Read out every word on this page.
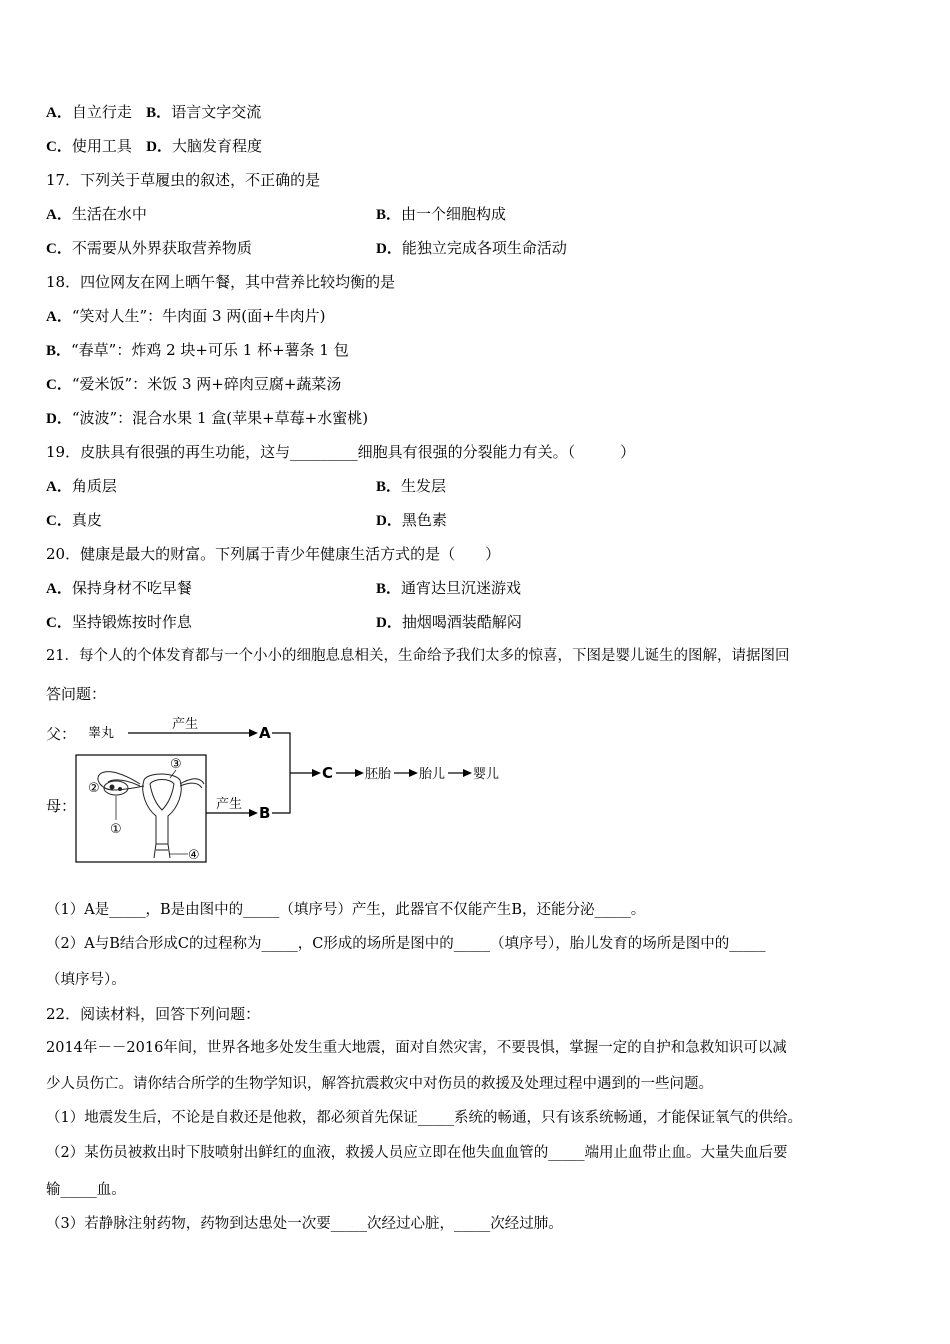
A．自立行走 B．语言文字交流
C．使用工具 D．大脑发育程度
17．下列关于草履虫的叙述，不正确的是
A．生活在水中	B．由一个细胞构成
C．不需要从外界获取营养物质	D．能独立完成各项生命活动
18．四位网友在网上晒午餐，其中营养比较均衡的是
A．“笑对人生”：牛肉面 3 两(面+牛肉片)
B．“春草”：炸鸡 2 块+可乐 1 杯+薯条 1 包
C．“爱米饭”：米饭 3 两+碎肉豆腐+蔬菜汤
D．“波波”：混合水果 1 盒(苹果+草莓+水蜜桃)
19．皮肤具有很强的再生功能，这与_________细胞具有很强的分裂能力有关。（　　　）
A．角质层	B．生发层
C．真皮	D．黑色素
20．健康是最大的财富。下列属于青少年健康生活方式的是（　　）
A．保持身材不吃早餐	B．通宵达旦沉迷游戏
C．坚持锻炼按时作息	D．抽烟喝酒装酷解闷
21．每个人的个体发育都与一个小小的细胞息息相关，生命给予我们太多的惊喜，下图是婴儿诞生的图解，请据图回
答问题：
父： 睾丸
产生	A
母：
②
①
③
④
产生 B
C 胚胎 胎儿 婴儿
（1）A是_____，B是由图中的_____（填序号）产生，此器官不仅能产生B，还能分泌_____。
（2）A与B结合形成C的过程称为_____，C形成的场所是图中的_____（填序号），胎儿发育的场所是图中的_____
（填序号）。
22．阅读材料，回答下列问题：
2014年－－2016年间，世界各地多处发生重大地震，面对自然灾害，不要畏惧，掌握一定的自护和急救知识可以减
少人员伤亡。请你结合所学的生物学知识，解答抗震救灾中对伤员的救援及处理过程中遇到的一些问题。
（1）地震发生后，不论是自救还是他救，都必须首先保证_____系统的畅通，只有该系统畅通，才能保证氧气的供给。
（2）某伤员被救出时下肢喷射出鲜红的血液，救援人员应立即在他失血血管的_____端用止血带止血。大量失血后要
输_____血。
（3）若静脉注射药物，药物到达患处一次要_____次经过心脏，_____次经过肺。
